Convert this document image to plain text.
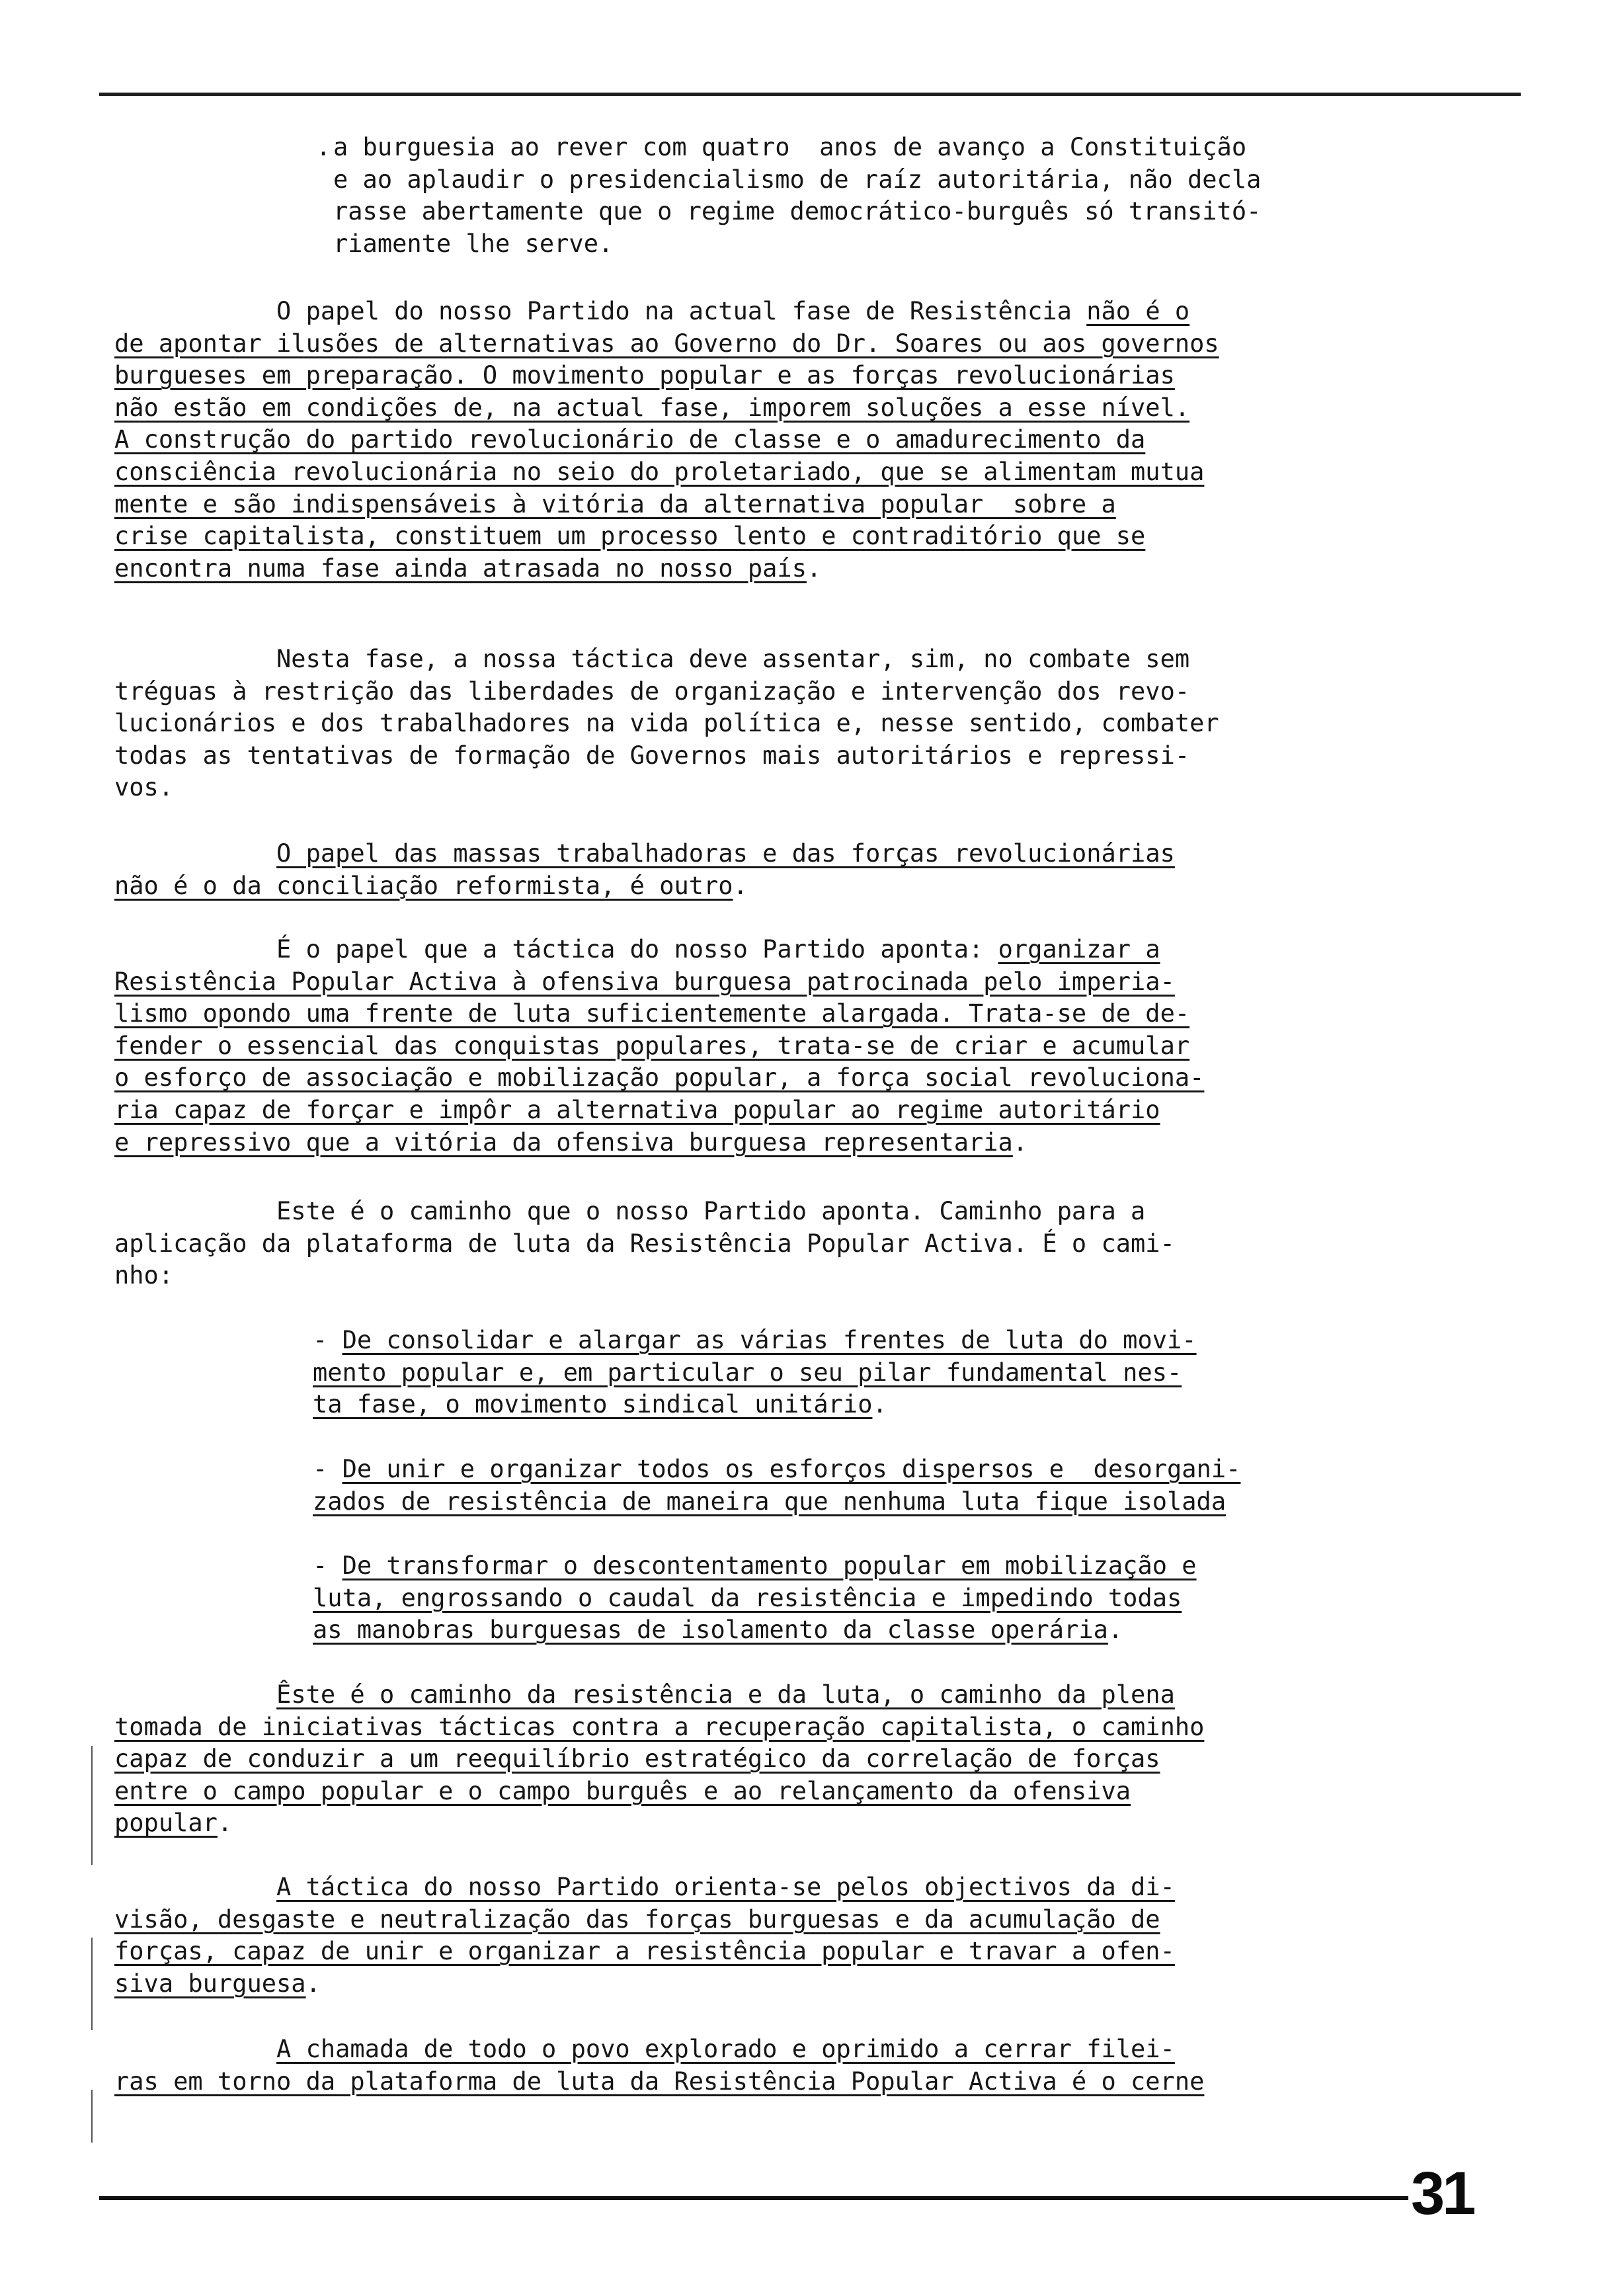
. a burguesia ao rever com quatro  anos de avanço a Constituição
e ao aplaudir o presidencialismo de raíz autoritária, não decla
rasse abertamente que o regime democrático-burguês só transitó-
riamente lhe serve.

O papel do nosso Partido na actual fase de Resistência não é o
de apontar ilusões de alternativas ao Governo do Dr. Soares ou aos governos
burgueses em preparação. O movimento popular e as forças revolucionárias
não estão em condições de, na actual fase, imporem soluções a esse nível.
A construção do partido revolucionário de classe e o amadurecimento da
consciência revolucionária no seio do proletariado, que se alimentam mutua
mente e são indispensáveis à vitória da alternativa popular  sobre a
crise capitalista, constituem um processo lento e contraditório que se
encontra numa fase ainda atrasada no nosso país.

Nesta fase, a nossa táctica deve assentar, sim, no combate sem
tréguas à restrição das liberdades de organização e intervenção dos revo-
lucionários e dos trabalhadores na vida política e, nesse sentido, combater
todas as tentativas de formação de Governos mais autoritários e repressi-
vos.

O papel das massas trabalhadoras e das forças revolucionárias
não é o da conciliação reformista, é outro.

É o papel que a táctica do nosso Partido aponta: organizar a
Resistência Popular Activa à ofensiva burguesa patrocinada pelo imperia-
lismo opondo uma frente de luta suficientemente alargada. Trata-se de de-
fender o essencial das conquistas populares, trata-se de criar e acumular
o esforço de associação e mobilização popular, a força social revoluciona-
ria capaz de forçar e impôr a alternativa popular ao regime autoritário
e repressivo que a vitória da ofensiva burguesa representaria.

Este é o caminho que o nosso Partido aponta. Caminho para a
aplicação da plataforma de luta da Resistência Popular Activa. É o cami-
nho:

- De consolidar e alargar as várias frentes de luta do movi-
mento popular e, em particular o seu pilar fundamental nes-
ta fase, o movimento sindical unitário.

- De unir e organizar todos os esforços dispersos e  desorgani-
zados de resistência de maneira que nenhuma luta fique isolada

- De transformar o descontentamento popular em mobilização e
luta, engrossando o caudal da resistência e impedindo todas
as manobras burguesas de isolamento da classe operária.

Êste é o caminho da resistência e da luta, o caminho da plena
tomada de iniciativas tácticas contra a recuperação capitalista, o caminho
capaz de conduzir a um reequilíbrio estratégico da correlação de forças
entre o campo popular e o campo burguês e ao relançamento da ofensiva
popular.

A táctica do nosso Partido orienta-se pelos objectivos da di-
visão, desgaste e neutralização das forças burguesas e da acumulação de
forças, capaz de unir e organizar a resistência popular e travar a ofen-
siva burguesa.

A chamada de todo o povo explorado e oprimido a cerrar filei-
ras em torno da plataforma de luta da Resistência Popular Activa é o cerne

31
